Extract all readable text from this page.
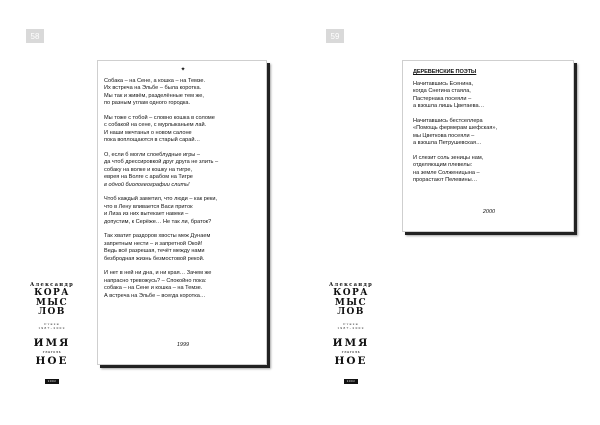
58
✦
Собака – на Сене, а кошка – на Темзе.
Их встреча на Эльбе – была коротка.
Мы так и живём, разделённые тем же,
по разным углам одного городка.
Мы тоже с тобой – словно кошка в соломе
с собакой на сене, с мурлыканьем лай.
И наши мечтанья о новом салоне
пока воплощаются в старый сарай…
О, если б могли слоеблудные игры –
да чтоб дрессировкой друг друга не злить –
собаку на волке и кошку на тигре,
еврея на Волге с арабом на Тигре
в одной биологеографии слить!
Чтоб каждый заметил, что люди – как реки,
что в Лену вливается Васи приток
и Лиза из них вытекает навеки –
допустим, к Серёже… Не так ли, браток?
Так хватит раздоров хвосты меж Дунаем
запретным нести – и запретной Окой!
Ведь всё разрешая, течёт между нами
безбродная жизнь безмостовой рекой.
И нет в ней ни дна, и ни края… Зачем же
напрасно тревожусь? – Спокойно пока:
собака – на Сене и кошка – на Темзе.
А встреча на Эльбе – всегда коротка…
1999
Александр
КОРА
МЫС
ЛОВ
Стихи
1987–2002
ИМЯ
глаголь
НОЕ
2002
59
ДЕРЕВЕНСКИЕ ПОЭТЫ
Начитавшись Есенина,
когда Снегина стаяла,
Пастернака посеяли –
а взошла лишь Цветаева…
Начитавшись бестселлера
«Помощь фермерам шефская»,
мы Цветкова посеяли –
а взошла Петрушевская…
И слезит соль зеницы нам,
отделяющим плевелы:
на земле Солженицына –
прорастают Пелевины…
2000
Александр
КОРА
МЫС
ЛОВ
Стихи
1987–2002
ИМЯ
глаголь
НОЕ
2002
